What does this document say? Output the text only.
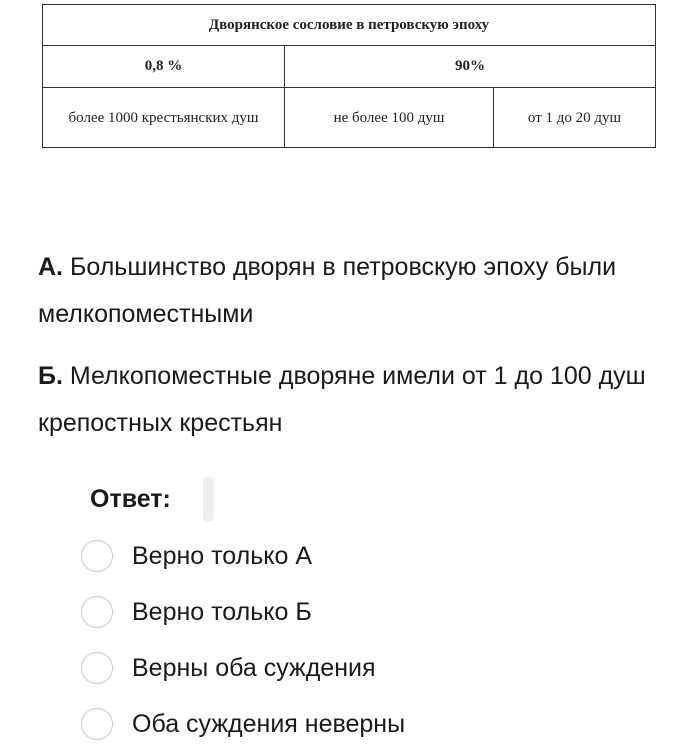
Дворянское сословие в петровскую эпоху		
0,8 %	90%	
более 1000 крестьянских душ	не более 100 душ	от 1 до 20 душ
А. Большинство дворян в петровскую эпоху были мелкопоместными
Б. Мелкопоместные дворяне имели от 1 до 100 душ крепостных крестьян
Ответ:
Верно только А
Верно только Б
Верны оба суждения
Оба суждения неверны
